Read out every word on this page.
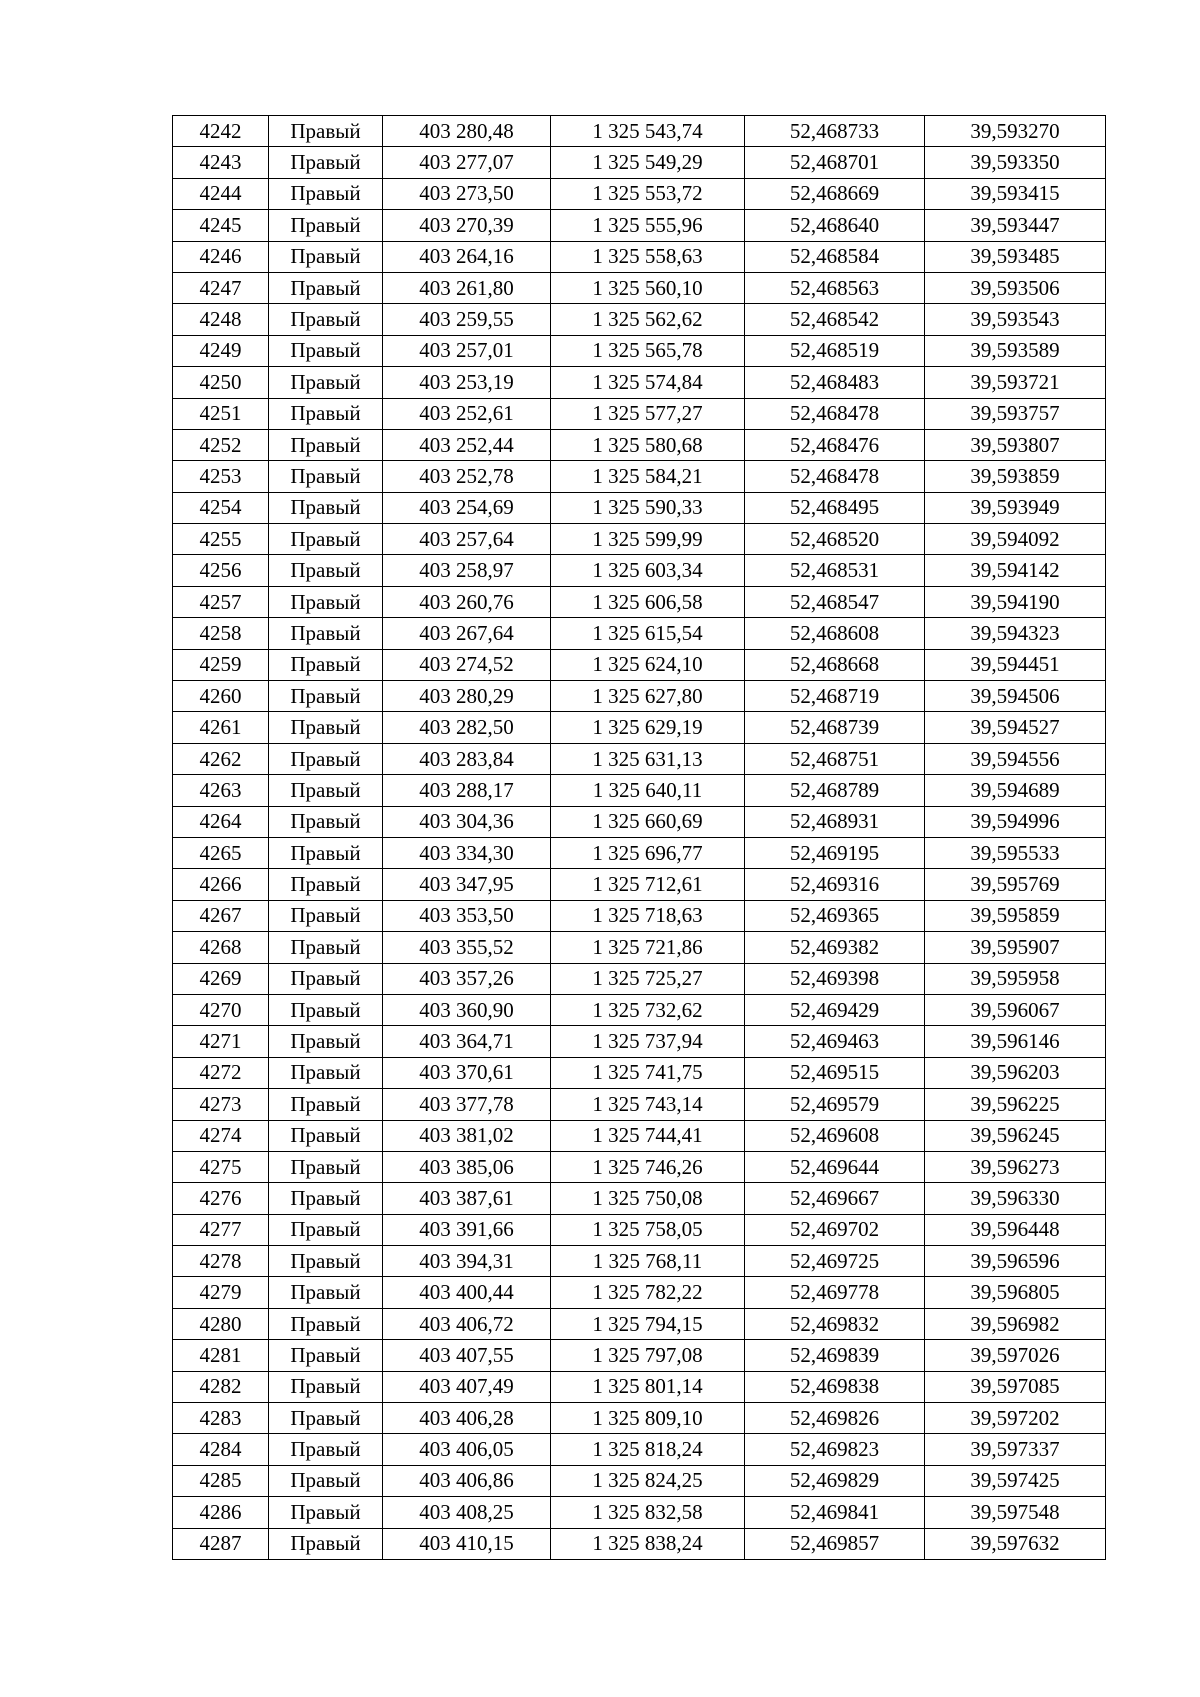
4242	Правый	403 280,48	1 325 543,74	52,468733	39,593270
4243	Правый	403 277,07	1 325 549,29	52,468701	39,593350
4244	Правый	403 273,50	1 325 553,72	52,468669	39,593415
4245	Правый	403 270,39	1 325 555,96	52,468640	39,593447
4246	Правый	403 264,16	1 325 558,63	52,468584	39,593485
4247	Правый	403 261,80	1 325 560,10	52,468563	39,593506
4248	Правый	403 259,55	1 325 562,62	52,468542	39,593543
4249	Правый	403 257,01	1 325 565,78	52,468519	39,593589
4250	Правый	403 253,19	1 325 574,84	52,468483	39,593721
4251	Правый	403 252,61	1 325 577,27	52,468478	39,593757
4252	Правый	403 252,44	1 325 580,68	52,468476	39,593807
4253	Правый	403 252,78	1 325 584,21	52,468478	39,593859
4254	Правый	403 254,69	1 325 590,33	52,468495	39,593949
4255	Правый	403 257,64	1 325 599,99	52,468520	39,594092
4256	Правый	403 258,97	1 325 603,34	52,468531	39,594142
4257	Правый	403 260,76	1 325 606,58	52,468547	39,594190
4258	Правый	403 267,64	1 325 615,54	52,468608	39,594323
4259	Правый	403 274,52	1 325 624,10	52,468668	39,594451
4260	Правый	403 280,29	1 325 627,80	52,468719	39,594506
4261	Правый	403 282,50	1 325 629,19	52,468739	39,594527
4262	Правый	403 283,84	1 325 631,13	52,468751	39,594556
4263	Правый	403 288,17	1 325 640,11	52,468789	39,594689
4264	Правый	403 304,36	1 325 660,69	52,468931	39,594996
4265	Правый	403 334,30	1 325 696,77	52,469195	39,595533
4266	Правый	403 347,95	1 325 712,61	52,469316	39,595769
4267	Правый	403 353,50	1 325 718,63	52,469365	39,595859
4268	Правый	403 355,52	1 325 721,86	52,469382	39,595907
4269	Правый	403 357,26	1 325 725,27	52,469398	39,595958
4270	Правый	403 360,90	1 325 732,62	52,469429	39,596067
4271	Правый	403 364,71	1 325 737,94	52,469463	39,596146
4272	Правый	403 370,61	1 325 741,75	52,469515	39,596203
4273	Правый	403 377,78	1 325 743,14	52,469579	39,596225
4274	Правый	403 381,02	1 325 744,41	52,469608	39,596245
4275	Правый	403 385,06	1 325 746,26	52,469644	39,596273
4276	Правый	403 387,61	1 325 750,08	52,469667	39,596330
4277	Правый	403 391,66	1 325 758,05	52,469702	39,596448
4278	Правый	403 394,31	1 325 768,11	52,469725	39,596596
4279	Правый	403 400,44	1 325 782,22	52,469778	39,596805
4280	Правый	403 406,72	1 325 794,15	52,469832	39,596982
4281	Правый	403 407,55	1 325 797,08	52,469839	39,597026
4282	Правый	403 407,49	1 325 801,14	52,469838	39,597085
4283	Правый	403 406,28	1 325 809,10	52,469826	39,597202
4284	Правый	403 406,05	1 325 818,24	52,469823	39,597337
4285	Правый	403 406,86	1 325 824,25	52,469829	39,597425
4286	Правый	403 408,25	1 325 832,58	52,469841	39,597548
4287	Правый	403 410,15	1 325 838,24	52,469857	39,597632
